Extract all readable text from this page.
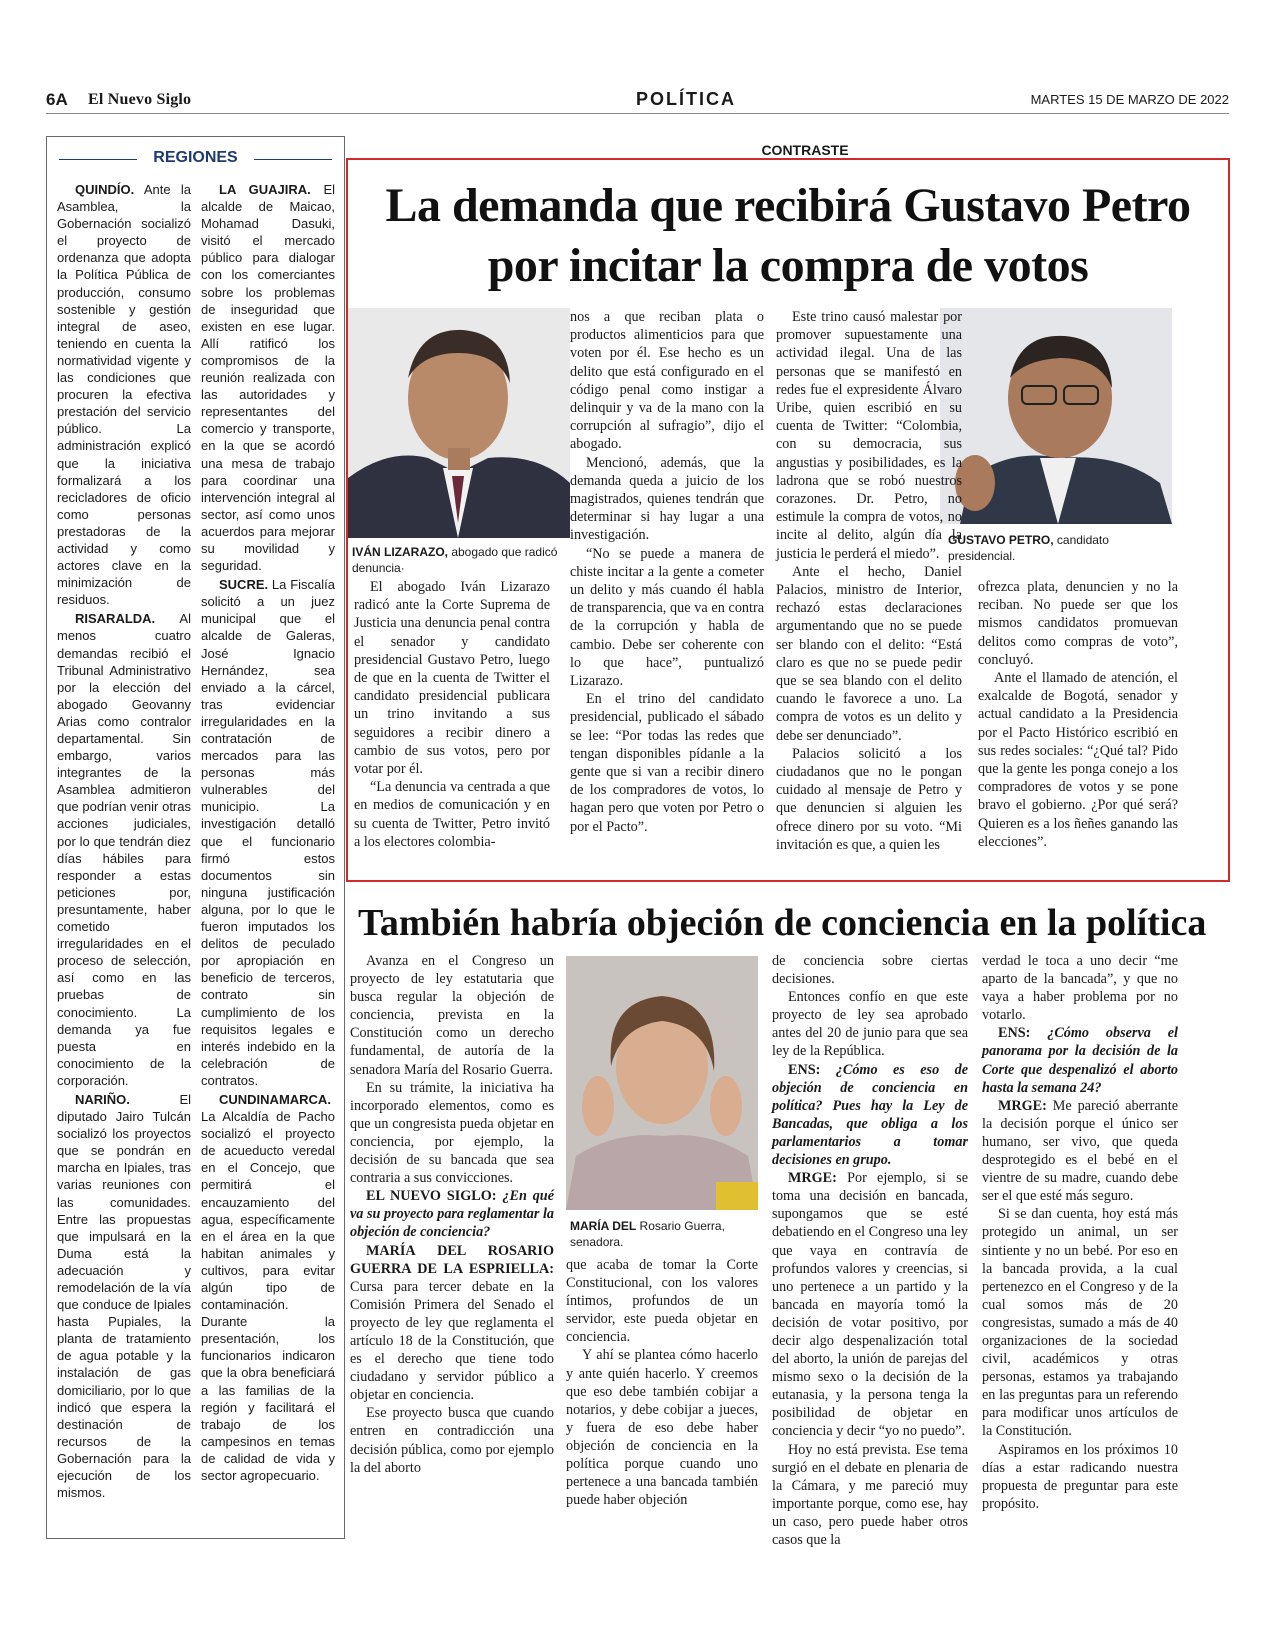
6A El Nuevo Siglo	POLÍTICA	MARTES 15 DE MARZO DE 2022
REGIONES

QUINDÍO. Ante la Asamblea, la Gobernación socializó el proyecto de ordenanza que adopta la Política Pública de producción, consumo sostenible y gestión integral de aseo, teniendo en cuenta la normatividad vigente y las condiciones que procuren la efectiva prestación del servicio público. La administración explicó que la iniciativa formalizará a los recicladores de oficio como personas prestadoras de la actividad y como actores clave en la minimización de residuos.

RISARALDA. Al menos cuatro demandas recibió el Tribunal Administrativo por la elección del abogado Geovanny Arias como contralor departamental. Sin embargo, varios integrantes de la Asamblea admitieron que podrían venir otras acciones judiciales, por lo que tendrán diez días hábiles para responder a estas peticiones por, presuntamente, haber cometido irregularidades en el proceso de selección, así como en las pruebas de conocimiento. La demanda ya fue puesta en conocimiento de la corporación.

NARIÑO. El diputado Jairo Tulcán socializó los proyectos que se pondrán en marcha en Ipiales, tras varias reuniones con las comunidades. Entre las propuestas que impulsará en la Duma está la adecuación y remodelación de la vía que conduce de Ipiales hasta Pupiales, la planta de tratamiento de agua potable y la instalación de gas domiciliario, por lo que indicó que espera la destinación de recursos de la Gobernación para la ejecución de los mismos.

LA GUAJIRA. El alcalde de Maicao, Mohamad Dasuki, visitó el mercado público para dialogar con los comerciantes sobre los problemas de inseguridad que existen en ese lugar. Allí ratificó los compromisos de la reunión realizada con las autoridades y representantes del comercio y transporte, en la que se acordó una mesa de trabajo para coordinar una intervención integral al sector, así como unos acuerdos para mejorar su movilidad y seguridad.

SUCRE. La Fiscalía solicitó a un juez municipal que el alcalde de Galeras, José Ignacio Hernández, sea enviado a la cárcel, tras evidenciar irregularidades en la contratación de mercados para las personas más vulnerables del municipio. La investigación detalló que el funcionario firmó estos documentos sin ninguna justificación alguna, por lo que le fueron imputados los delitos de peculado por apropiación en beneficio de terceros, contrato sin cumplimiento de los requisitos legales e interés indebido en la celebración de contratos.

CUNDINAMARCA. La Alcaldía de Pacho socializó el proyecto de acueducto veredal en el Concejo, que permitirá el encauzamiento del agua, específicamente en el área en la que habitan animales y cultivos, para evitar algún tipo de contaminación. Durante la presentación, los funcionarios indicaron que la obra beneficiará a las familias de la región y facilitará el trabajo de los campesinos en temas de calidad de vida y sector agropecuario.

CONTRASTE
La demanda que recibirá Gustavo Petro por incitar la compra de votos
IVÁN LIZARAZO, abogado que radicó denuncia·
GUSTAVO PETRO, candidato presidencial.

El abogado Iván Lizarazo radicó ante la Corte Suprema de Justicia una denuncia penal contra el senador y candidato presidencial Gustavo Petro, luego de que en la cuenta de Twitter el candidato presidencial publicara un trino invitando a sus seguidores a recibir dinero a cambio de sus votos, pero por votar por él.

“La denuncia va centrada a que en medios de comunicación y en su cuenta de Twitter, Petro invitó a los electores colombia-

nos a que reciban plata o productos alimenticios para que voten por él. Ese hecho es un delito que está configurado en el código penal como instigar a delinquir y va de la mano con la corrupción al sufragio”, dijo el abogado.

Mencionó, además, que la demanda queda a juicio de los magistrados, quienes tendrán que determinar si hay lugar a una investigación.

“No se puede a manera de chiste incitar a la gente a cometer un delito y más cuando él habla de transparencia, que va en contra de la corrupción y habla de cambio. Debe ser coherente con lo que hace”, puntualizó Lizarazo.

En el trino del candidato presidencial, publicado el sábado se lee: “Por todas las redes que tengan disponibles pídanle a la gente que si van a recibir dinero de los compradores de votos, lo hagan pero que voten por Petro o por el Pacto”.

Este trino causó malestar por promover supuestamente una actividad ilegal. Una de las personas que se manifestó en redes fue el expresidente Álvaro Uribe, quien escribió en su cuenta de Twitter: “Colombia, con su democracia, sus angustias y posibilidades, es la ladrona que se robó nuestros corazones. Dr. Petro, no estimule la compra de votos, no incite al delito, algún día la justicia le perderá el miedo”.

Ante el hecho, Daniel Palacios, ministro de Interior, rechazó estas declaraciones argumentando que no se puede ser blando con el delito: “Está claro es que no se puede pedir que se sea blando con el delito cuando le favorece a uno. La compra de votos es un delito y debe ser denunciado”.

Palacios solicitó a los ciudadanos que no le pongan cuidado al mensaje de Petro y que denuncien si alguien les ofrece dinero por su voto. “Mi invitación es que, a quien les

ofrezca plata, denuncien y no la reciban. No puede ser que los mismos candidatos promuevan delitos como compras de voto”, concluyó.

Ante el llamado de atención, el exalcalde de Bogotá, senador y actual candidato a la Presidencia por el Pacto Histórico escribió en sus redes sociales: “¿Qué tal? Pido que la gente les ponga conejo a los compradores de votos y se pone bravo el gobierno. ¿Por qué será? Quieren es a los ñeñes ganando las elecciones”.

También habría objeción de conciencia en la política
MARÍA DEL Rosario Guerra, senadora.

Avanza en el Congreso un proyecto de ley estatutaria que busca regular la objeción de conciencia, prevista en la Constitución como un derecho fundamental, de autoría de la senadora María del Rosario Guerra.

En su trámite, la iniciativa ha incorporado elementos, como es que un congresista pueda objetar en conciencia, por ejemplo, la decisión de su bancada que sea contraria a sus convicciones.

EL NUEVO SIGLO: ¿En qué va su proyecto para reglamentar la objeción de conciencia?

MARÍA DEL ROSARIO GUERRA DE LA ESPRIELLA: Cursa para tercer debate en la Comisión Primera del Senado el proyecto de ley que reglamenta el artículo 18 de la Constitución, que es el derecho que tiene todo ciudadano y servidor público a objetar en conciencia.

Ese proyecto busca que cuando entren en contradicción una decisión pública, como por ejemplo la del aborto

que acaba de tomar la Corte Constitucional, con los valores íntimos, profundos de un servidor, este pueda objetar en conciencia.

Y ahí se plantea cómo hacerlo y ante quién hacerlo. Y creemos que eso debe también cobijar a notarios, y debe cobijar a jueces, y fuera de eso debe haber objeción de conciencia en la política porque cuando uno pertenece a una bancada también puede haber objeción

de conciencia sobre ciertas decisiones.

Entonces confío en que este proyecto de ley sea aprobado antes del 20 de junio para que sea ley de la República.

ENS: ¿Cómo es eso de objeción de conciencia en política? Pues hay la Ley de Bancadas, que obliga a los parlamentarios a tomar decisiones en grupo.

MRGE: Por ejemplo, si se toma una decisión en bancada, supongamos que se esté debatiendo en el Congreso una ley que vaya en contravía de profundos valores y creencias, si uno pertenece a un partido y la bancada en mayoría tomó la decisión de votar positivo, por decir algo despenalización total del aborto, la unión de parejas del mismo sexo o la decisión de la eutanasia, y la persona tenga la posibilidad de objetar en conciencia y decir “yo no puedo”.

Hoy no está prevista. Ese tema surgió en el debate en plenaria de la Cámara, y me pareció muy importante porque, como ese, hay un caso, pero puede haber otros casos que la

verdad le toca a uno decir “me aparto de la bancada”, y que no vaya a haber problema por no votarlo.

ENS: ¿Cómo observa el panorama por la decisión de la Corte que despenalizó el aborto hasta la semana 24?

MRGE: Me pareció aberrante la decisión porque el único ser humano, ser vivo, que queda desprotegido es el bebé en el vientre de su madre, cuando debe ser el que esté más seguro.

Si se dan cuenta, hoy está más protegido un animal, un ser sintiente y no un bebé. Por eso en la bancada provida, a la cual pertenezco en el Congreso y de la cual somos más de 20 congresistas, sumado a más de 40 organizaciones de la sociedad civil, académicos y otras personas, estamos ya trabajando en las preguntas para un referendo para modificar unos artículos de la Constitución.

Aspiramos en los próximos 10 días a estar radicando nuestra propuesta de preguntar para este propósito.
